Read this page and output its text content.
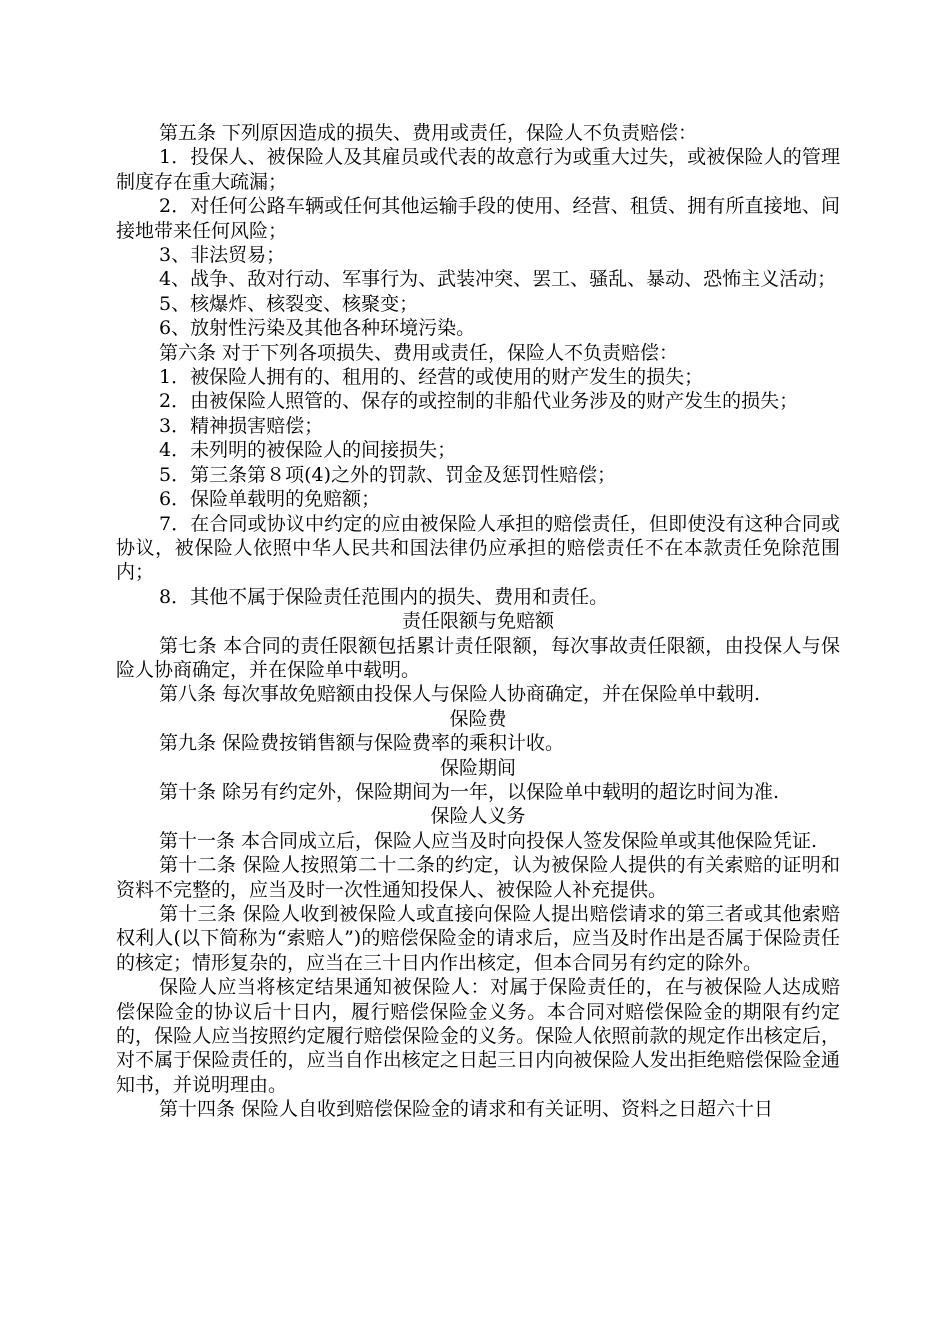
第五条 下列原因造成的损失、费用或责任，保险人不负责赔偿：

1．投保人、被保险人及其雇员或代表的故意行为或重大过失，或被保险人的管理制度存在重大疏漏；

2．对任何公路车辆或任何其他运输手段的使用、经营、租赁、拥有所直接地、间接地带来任何风险；

3、非法贸易；

4、战争、敌对行动、军事行为、武装冲突、罢工、骚乱、暴动、恐怖主义活动；

5、核爆炸、核裂变、核聚变；

6、放射性污染及其他各种环境污染。

第六条 对于下列各项损失、费用或责任，保险人不负责赔偿：

1．被保险人拥有的、租用的、经营的或使用的财产发生的损失；

2．由被保险人照管的、保存的或控制的非船代业务涉及的财产发生的损失；

3．精神损害赔偿；

4．未列明的被保险人的间接损失；

5．第三条第８项(4)之外的罚款、罚金及惩罚性赔偿；

6．保险单载明的免赔额；

7．在合同或协议中约定的应由被保险人承担的赔偿责任，但即使没有这种合同或协议，被保险人依照中华人民共和国法律仍应承担的赔偿责任不在本款责任免除范围内；

8．其他不属于保险责任范围内的损失、费用和责任。

责任限额与免赔额

第七条 本合同的责任限额包括累计责任限额，每次事故责任限额，由投保人与保险人协商确定，并在保险单中载明。

第八条 每次事故免赔额由投保人与保险人协商确定，并在保险单中载明.

保险费

第九条 保险费按销售额与保险费率的乘积计收。

保险期间

第十条 除另有约定外，保险期间为一年，以保险单中载明的超讫时间为准.

保险人义务

第十一条 本合同成立后，保险人应当及时向投保人签发保险单或其他保险凭证.

第十二条 保险人按照第二十二条的约定，认为被保险人提供的有关索赔的证明和资料不完整的，应当及时一次性通知投保人、被保险人补充提供。

第十三条 保险人收到被保险人或直接向保险人提出赔偿请求的第三者或其他索赔权利人(以下简称为“索赔人”)的赔偿保险金的请求后，应当及时作出是否属于保险责任的核定；情形复杂的，应当在三十日内作出核定，但本合同另有约定的除外。

保险人应当将核定结果通知被保险人：对属于保险责任的，在与被保险人达成赔偿保险金的协议后十日内，履行赔偿保险金义务。本合同对赔偿保险金的期限有约定的，保险人应当按照约定履行赔偿保险金的义务。保险人依照前款的规定作出核定后，对不属于保险责任的，应当自作出核定之日起三日内向被保险人发出拒绝赔偿保险金通知书，并说明理由。

第十四条 保险人自收到赔偿保险金的请求和有关证明、资料之日超六十日
